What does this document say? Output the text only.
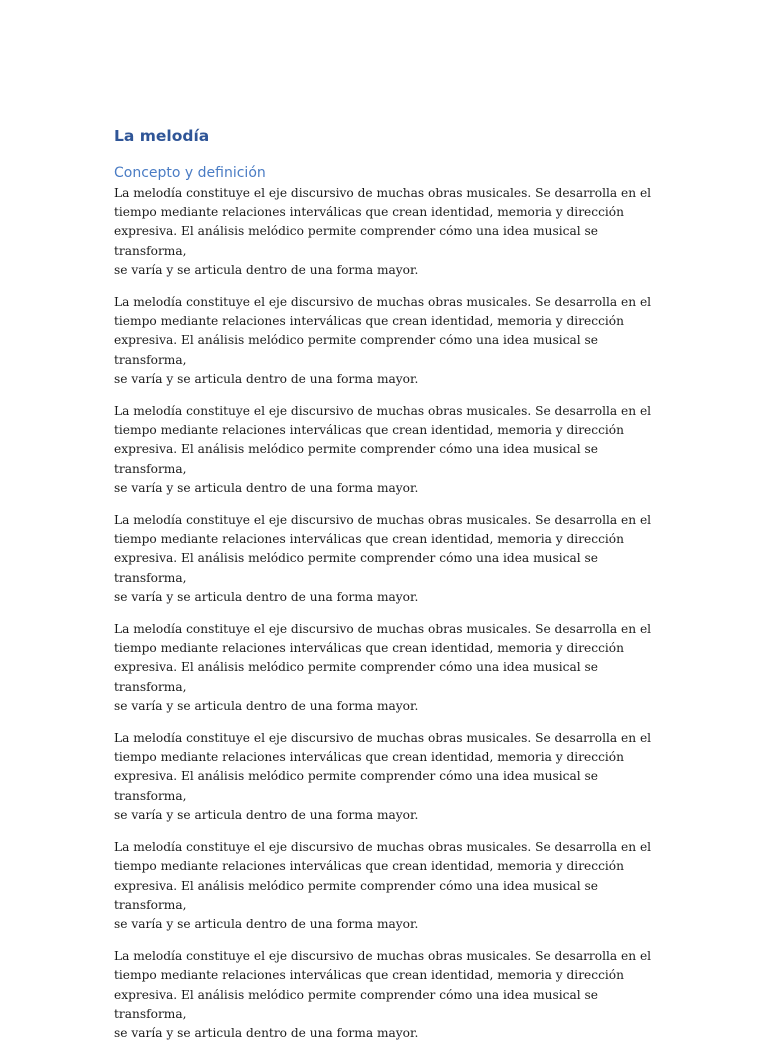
La melodía
Concepto y definición

La melodía constituye el eje discursivo de muchas obras musicales. Se desarrolla en el
tiempo mediante relaciones interválicas que crean identidad, memoria y dirección
expresiva. El análisis melódico permite comprender cómo una idea musical se transforma,
se varía y se articula dentro de una forma mayor.

La melodía constituye el eje discursivo de muchas obras musicales. Se desarrolla en el
tiempo mediante relaciones interválicas que crean identidad, memoria y dirección
expresiva. El análisis melódico permite comprender cómo una idea musical se transforma,
se varía y se articula dentro de una forma mayor.

La melodía constituye el eje discursivo de muchas obras musicales. Se desarrolla en el
tiempo mediante relaciones interválicas que crean identidad, memoria y dirección
expresiva. El análisis melódico permite comprender cómo una idea musical se transforma,
se varía y se articula dentro de una forma mayor.

La melodía constituye el eje discursivo de muchas obras musicales. Se desarrolla en el
tiempo mediante relaciones interválicas que crean identidad, memoria y dirección
expresiva. El análisis melódico permite comprender cómo una idea musical se transforma,
se varía y se articula dentro de una forma mayor.

La melodía constituye el eje discursivo de muchas obras musicales. Se desarrolla en el
tiempo mediante relaciones interválicas que crean identidad, memoria y dirección
expresiva. El análisis melódico permite comprender cómo una idea musical se transforma,
se varía y se articula dentro de una forma mayor.

La melodía constituye el eje discursivo de muchas obras musicales. Se desarrolla en el
tiempo mediante relaciones interválicas que crean identidad, memoria y dirección
expresiva. El análisis melódico permite comprender cómo una idea musical se transforma,
se varía y se articula dentro de una forma mayor.

La melodía constituye el eje discursivo de muchas obras musicales. Se desarrolla en el
tiempo mediante relaciones interválicas que crean identidad, memoria y dirección
expresiva. El análisis melódico permite comprender cómo una idea musical se transforma,
se varía y se articula dentro de una forma mayor.

La melodía constituye el eje discursivo de muchas obras musicales. Se desarrolla en el
tiempo mediante relaciones interválicas que crean identidad, memoria y dirección
expresiva. El análisis melódico permite comprender cómo una idea musical se transforma,
se varía y se articula dentro de una forma mayor.
